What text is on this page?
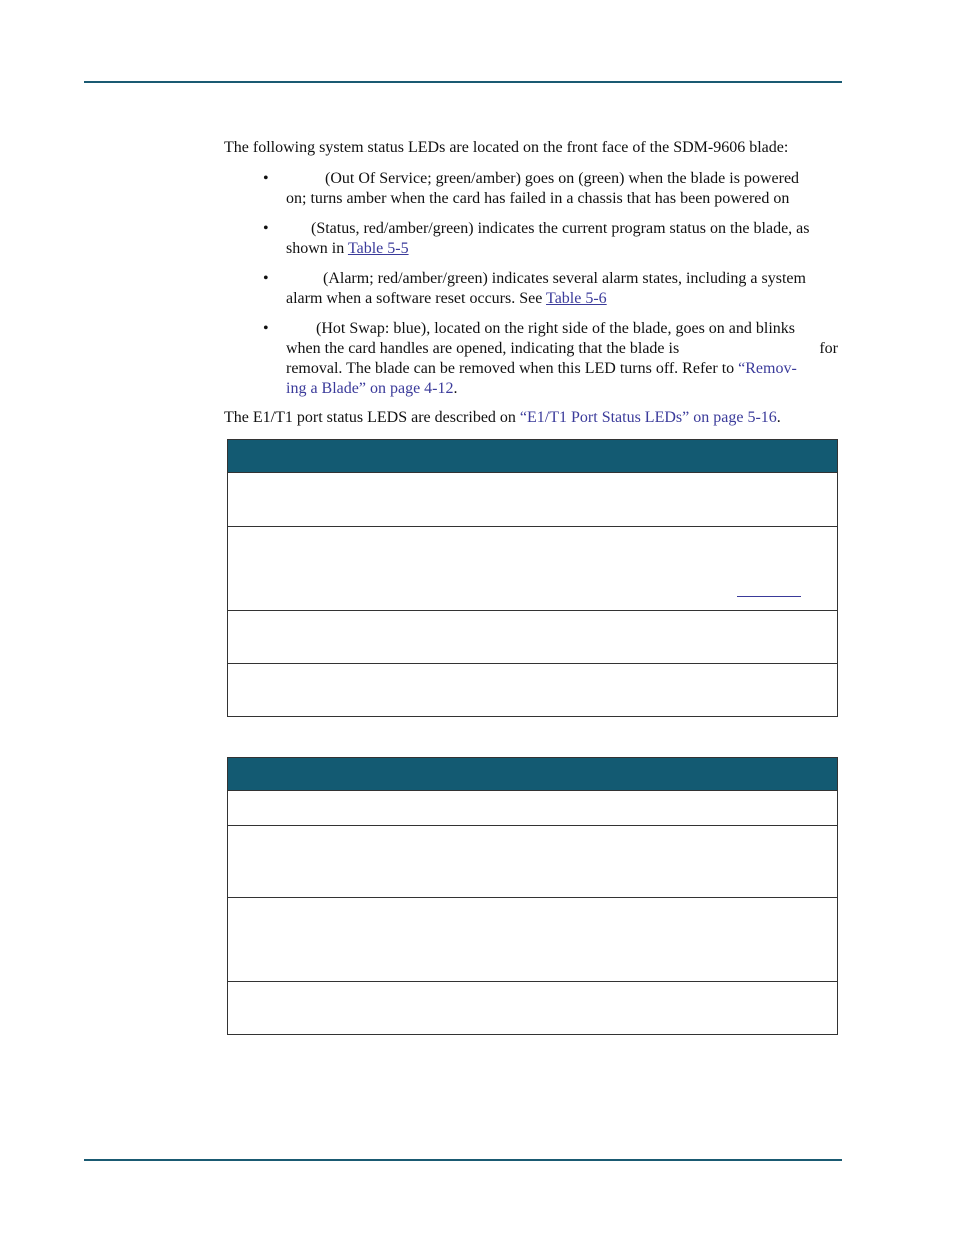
The following system status LEDs are located on the front face of the SDM-9606 blade:

•	(Out Of Service; green/amber) goes on (green) when the blade is powered
on; turns amber when the card has failed in a chassis that has been powered on
•	(Status, red/amber/green) indicates the current program status on the blade, as
shown in Table 5-5
•	(Alarm; red/amber/green) indicates several alarm states, including a system
alarm when a software reset occurs. See Table 5-6
•	(Hot Swap: blue), located on the right side of the blade, goes on and blinks
when the card handles are opened, indicating that the blade is	for

removal. The blade can be removed when this LED turns off. Refer to “Remov-
ing a Blade” on page 4-12.

The E1/T1 port status LEDS are described on “E1/T1 Port Status LEDs” on page 5-16.
